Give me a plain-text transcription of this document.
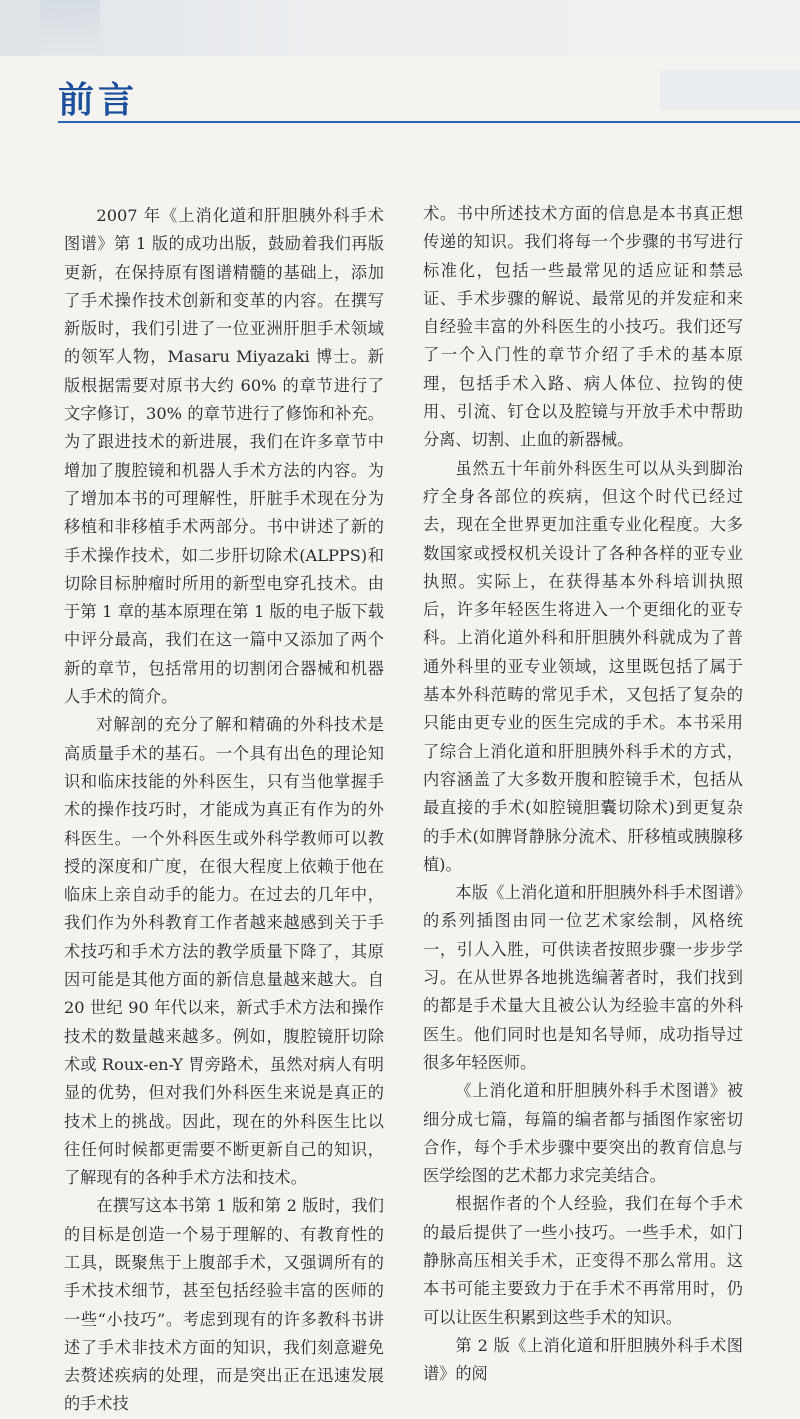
前言

2007 年《上消化道和肝胆胰外科手术图谱》第 1 版的成功出版，鼓励着我们再版更新，在保持原有图谱精髓的基础上，添加了手术操作技术创新和变革的内容。在撰写新版时，我们引进了一位亚洲肝胆手术领域的领军人物，Masaru Miyazaki 博士。新版根据需要对原书大约 60% 的章节进行了文字修订，30% 的章节进行了修饰和补充。为了跟进技术的新进展，我们在许多章节中增加了腹腔镜和机器人手术方法的内容。为了增加本书的可理解性，肝脏手术现在分为移植和非移植手术两部分。书中讲述了新的手术操作技术，如二步肝切除术(ALPPS)和切除目标肿瘤时所用的新型电穿孔技术。由于第 1 章的基本原理在第 1 版的电子版下载中评分最高，我们在这一篇中又添加了两个新的章节，包括常用的切割闭合器械和机器人手术的简介。

对解剖的充分了解和精确的外科技术是高质量手术的基石。一个具有出色的理论知识和临床技能的外科医生，只有当他掌握手术的操作技巧时，才能成为真正有作为的外科医生。一个外科医生或外科学教师可以教授的深度和广度，在很大程度上依赖于他在临床上亲自动手的能力。在过去的几年中，我们作为外科教育工作者越来越感到关于手术技巧和手术方法的教学质量下降了，其原因可能是其他方面的新信息量越来越大。自 20 世纪 90 年代以来，新式手术方法和操作技术的数量越来越多。例如，腹腔镜肝切除术或 Roux-en-Y 胃旁路术，虽然对病人有明显的优势，但对我们外科医生来说是真正的技术上的挑战。因此，现在的外科医生比以往任何时候都更需要不断更新自己的知识，了解现有的各种手术方法和技术。

在撰写这本书第 1 版和第 2 版时，我们的目标是创造一个易于理解的、有教育性的工具，既聚焦于上腹部手术，又强调所有的手术技术细节，甚至包括经验丰富的医师的一些“小技巧”。考虑到现有的许多教科书讲述了手术非技术方面的知识，我们刻意避免去赘述疾病的处理，而是突出正在迅速发展的手术技

术。书中所述技术方面的信息是本书真正想传递的知识。我们将每一个步骤的书写进行标准化，包括一些最常见的适应证和禁忌证、手术步骤的解说、最常见的并发症和来自经验丰富的外科医生的小技巧。我们还写了一个入门性的章节介绍了手术的基本原理，包括手术入路、病人体位、拉钩的使用、引流、钉仓以及腔镜与开放手术中帮助分离、切割、止血的新器械。

虽然五十年前外科医生可以从头到脚治疗全身各部位的疾病，但这个时代已经过去，现在全世界更加注重专业化程度。大多数国家或授权机关设计了各种各样的亚专业执照。实际上，在获得基本外科培训执照后，许多年轻医生将进入一个更细化的亚专科。上消化道外科和肝胆胰外科就成为了普通外科里的亚专业领域，这里既包括了属于基本外科范畴的常见手术，又包括了复杂的只能由更专业的医生完成的手术。本书采用了综合上消化道和肝胆胰外科手术的方式，内容涵盖了大多数开腹和腔镜手术，包括从最直接的手术(如腔镜胆囊切除术)到更复杂的手术(如脾肾静脉分流术、肝移植或胰腺移植)。

本版《上消化道和肝胆胰外科手术图谱》的系列插图由同一位艺术家绘制，风格统一，引人入胜，可供读者按照步骤一步步学习。在从世界各地挑选编著者时，我们找到的都是手术量大且被公认为经验丰富的外科医生。他们同时也是知名导师，成功指导过很多年轻医师。

《上消化道和肝胆胰外科手术图谱》被细分成七篇，每篇的编者都与插图作家密切合作，每个手术步骤中要突出的教育信息与医学绘图的艺术都力求完美结合。

根据作者的个人经验，我们在每个手术的最后提供了一些小技巧。一些手术，如门静脉高压相关手术，正变得不那么常用。这本书可能主要致力于在手术不再常用时，仍可以让医生积累到这些手术的知识。

第 2 版《上消化道和肝胆胰外科手术图谱》的阅
